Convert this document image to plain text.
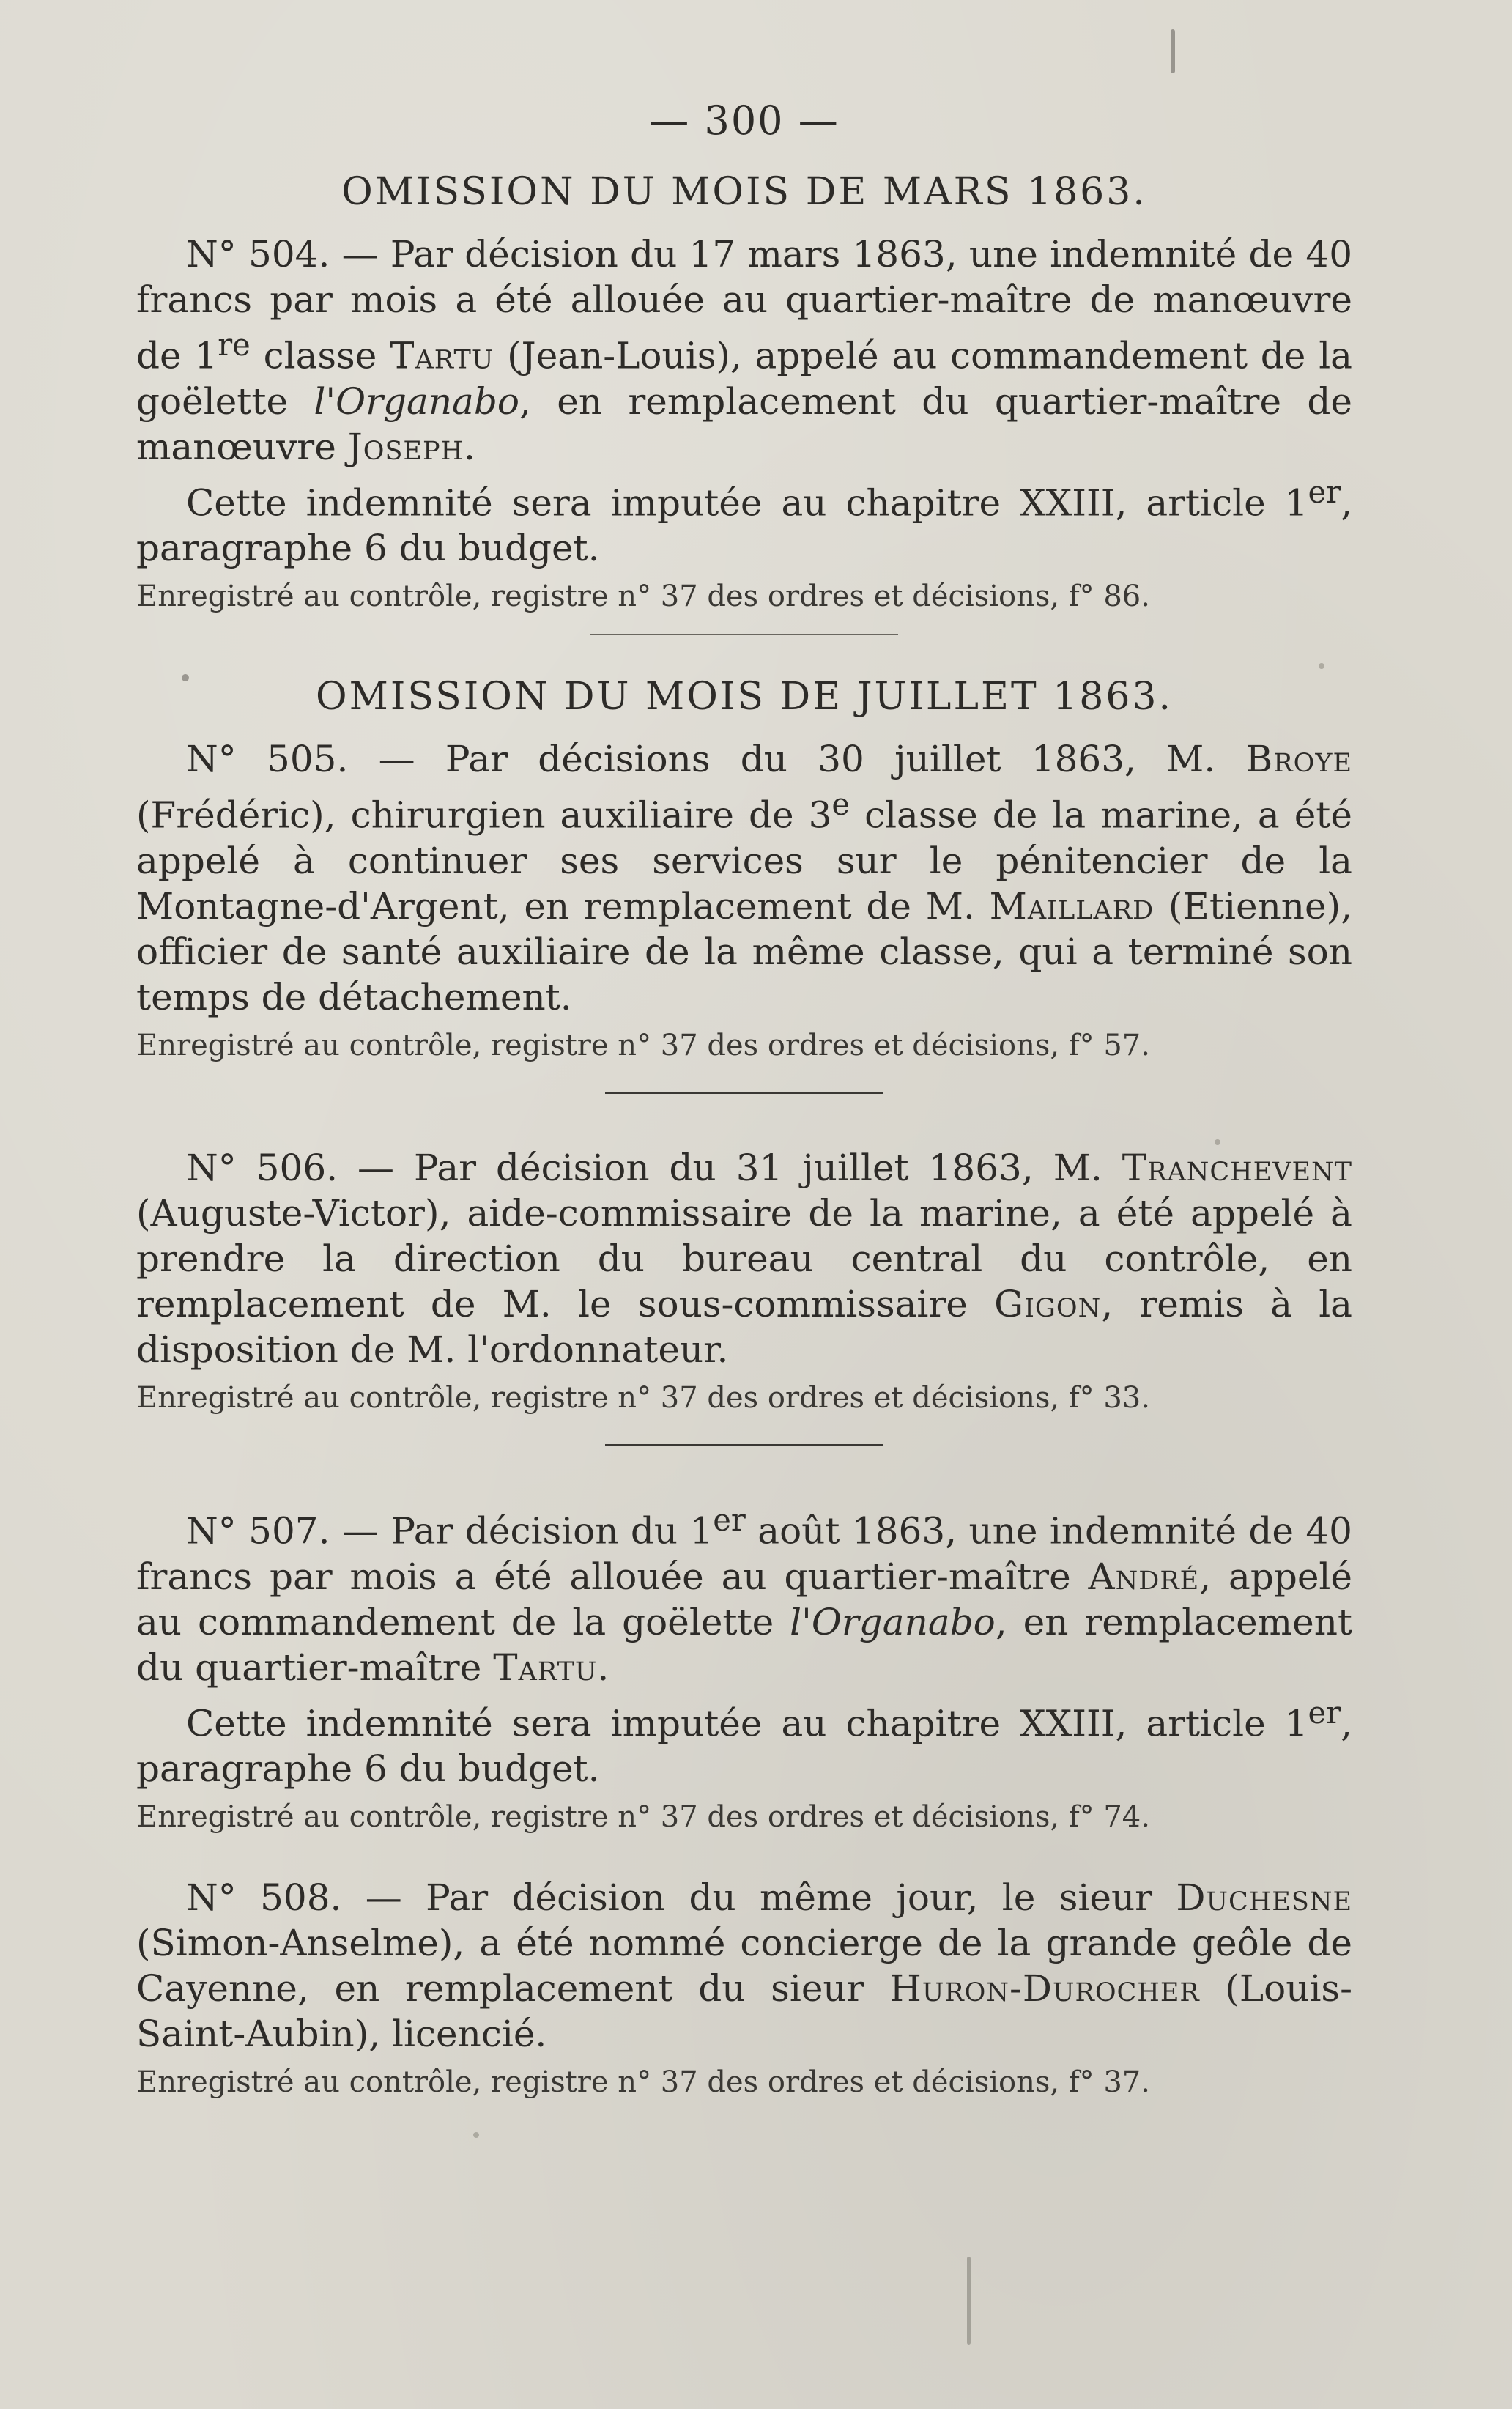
— 300 —
OMISSION DU MOIS DE MARS 1863.

N° 504. — Par décision du 17 mars 1863, une indemnité de 40 francs par mois a été allouée au quartier-maître de manœuvre de 1re classe Tartu (Jean-Louis), appelé au commandement de la goëlette l'Organabo, en remplacement du quartier-maître de manœuvre Joseph.

Cette indemnité sera imputée au chapitre XXIII, article 1er, paragraphe 6 du budget.

Enregistré au contrôle, registre n° 37 des ordres et décisions, f° 86.

OMISSION DU MOIS DE JUILLET 1863.

N° 505. — Par décisions du 30 juillet 1863, M. Broye (Frédéric), chirurgien auxiliaire de 3e classe de la marine, a été appelé à continuer ses services sur le pénitencier de la Montagne-d'Argent, en remplacement de M. Maillard (Etienne), officier de santé auxiliaire de la même classe, qui a terminé son temps de détachement.

Enregistré au contrôle, registre n° 37 des ordres et décisions, f° 57.

N° 506. — Par décision du 31 juillet 1863, M. Tranchevent (Auguste-Victor), aide-commissaire de la marine, a été appelé à prendre la direction du bureau central du contrôle, en remplacement de M. le sous-commissaire Gigon, remis à la disposition de M. l'ordonnateur.

Enregistré au contrôle, registre n° 37 des ordres et décisions, f° 33.

N° 507. — Par décision du 1er août 1863, une indemnité de 40 francs par mois a été allouée au quartier-maître André, appelé au commandement de la goëlette l'Organabo, en remplacement du quartier-maître Tartu.

Cette indemnité sera imputée au chapitre XXIII, article 1er, paragraphe 6 du budget.

Enregistré au contrôle, registre n° 37 des ordres et décisions, f° 74.

N° 508. — Par décision du même jour, le sieur Duchesne (Simon-Anselme), a été nommé concierge de la grande geôle de Cayenne, en remplacement du sieur Huron-Durocher (Louis-Saint-Aubin), licencié.

Enregistré au contrôle, registre n° 37 des ordres et décisions, f° 37.
